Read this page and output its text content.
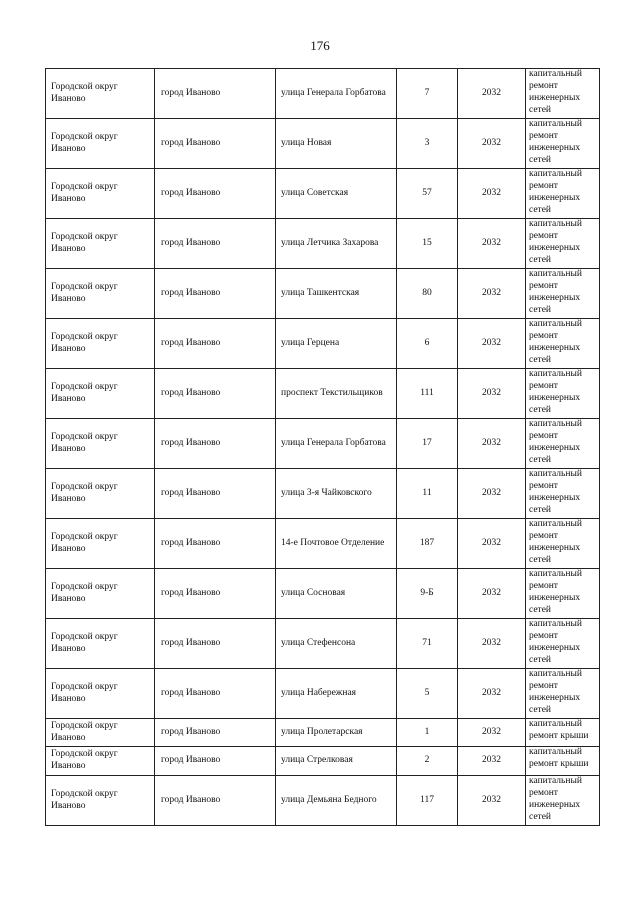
176
Городской округ Иваново	город Иваново	улица Генерала Горбатова	7	2032	капитальный ремонт инженерных сетей
Городской округ Иваново	город Иваново	улица Новая	3	2032	капитальный ремонт инженерных сетей
Городской округ Иваново	город Иваново	улица Советская	57	2032	капитальный ремонт инженерных сетей
Городской округ Иваново	город Иваново	улица Летчика Захарова	15	2032	капитальный ремонт инженерных сетей
Городской округ Иваново	город Иваново	улица Ташкентская	80	2032	капитальный ремонт инженерных сетей
Городской округ Иваново	город Иваново	улица Герцена	6	2032	капитальный ремонт инженерных сетей
Городской округ Иваново	город Иваново	проспект Текстильщиков	111	2032	капитальный ремонт инженерных сетей
Городской округ Иваново	город Иваново	улица Генерала Горбатова	17	2032	капитальный ремонт инженерных сетей
Городской округ Иваново	город Иваново	улица 3-я Чайковского	11	2032	капитальный ремонт инженерных сетей
Городской округ Иваново	город Иваново	14-е Почтовое Отделение	187	2032	капитальный ремонт инженерных сетей
Городской округ Иваново	город Иваново	улица Сосновая	9-Б	2032	капитальный ремонт инженерных сетей
Городской округ Иваново	город Иваново	улица Стефенсона	71	2032	капитальный ремонт инженерных сетей
Городской округ Иваново	город Иваново	улица Набережная	5	2032	капитальный ремонт инженерных сетей
Городской округ Иваново	город Иваново	улица Пролетарская	1	2032	капитальный ремонт крыши
Городской округ Иваново	город Иваново	улица Стрелковая	2	2032	капитальный ремонт крыши
Городской округ Иваново	город Иваново	улица Демьяна Бедного	117	2032	капитальный ремонт инженерных сетей
